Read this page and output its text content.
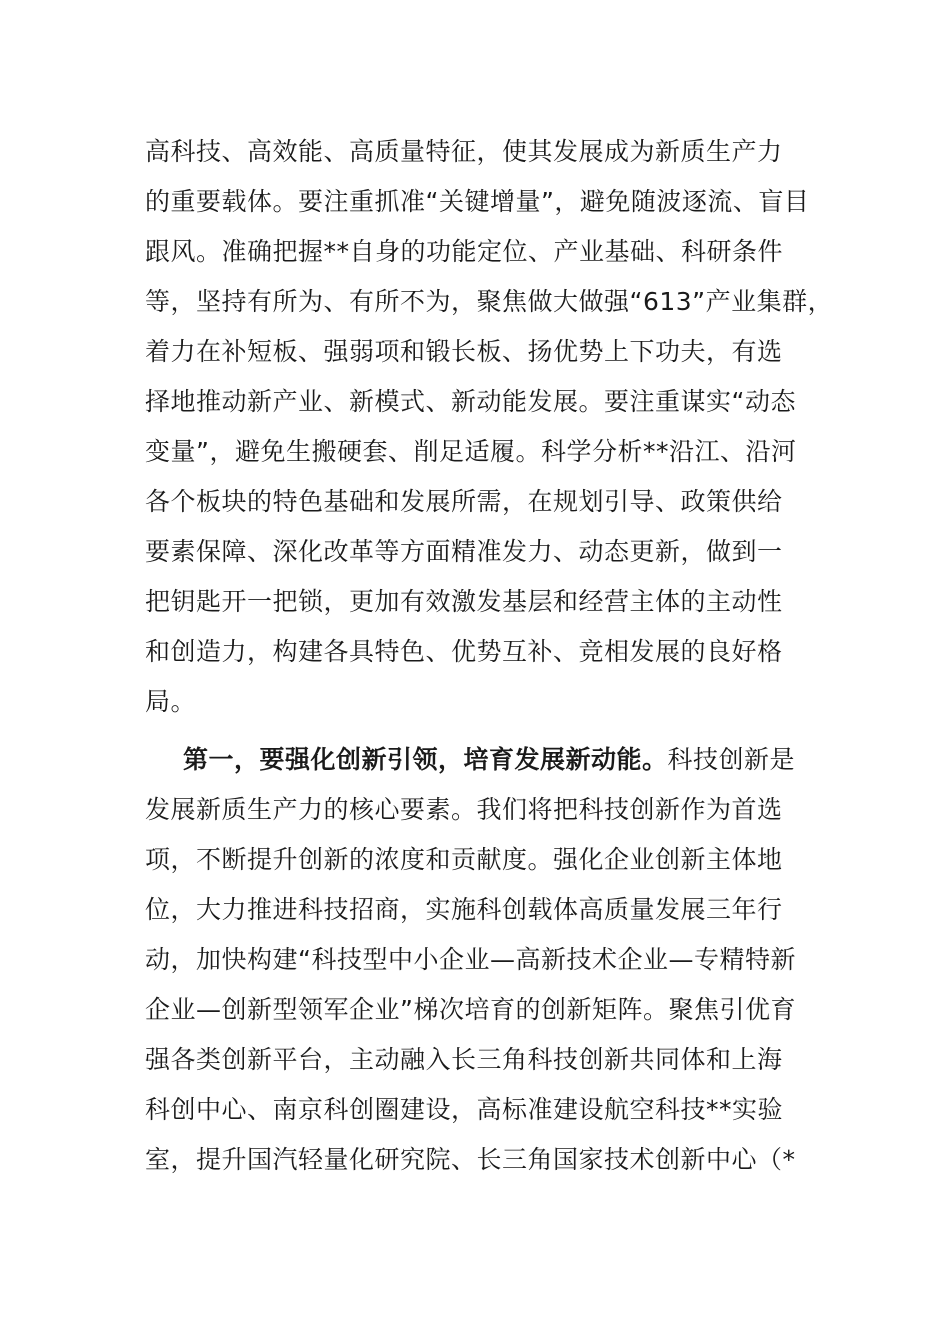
高科技、高效能、高质量特征，使其发展成为新质生产力
的重要载体。要注重抓准“关键增量”，避免随波逐流、盲目
跟风。准确把握**自身的功能定位、产业基础、科研条件
等，坚持有所为、有所不为，聚焦做大做强“613”产业集群，
着力在补短板、强弱项和锻长板、扬优势上下功夫，有选
择地推动新产业、新模式、新动能发展。要注重谋实“动态
变量”，避免生搬硬套、削足适履。科学分析**沿江、沿河
各个板块的特色基础和发展所需，在规划引导、政策供给
要素保障、深化改革等方面精准发力、动态更新，做到一
把钥匙开一把锁，更加有效激发基层和经营主体的主动性
和创造力，构建各具特色、优势互补、竞相发展的良好格
局。
第一，要强化创新引领，培育发展新动能。科技创新是
发展新质生产力的核心要素。我们将把科技创新作为首选
项，不断提升创新的浓度和贡献度。强化企业创新主体地
位，大力推进科技招商，实施科创载体高质量发展三年行
动，加快构建“科技型中小企业—高新技术企业—专精特新
企业—创新型领军企业”梯次培育的创新矩阵。聚焦引优育
强各类创新平台，主动融入长三角科技创新共同体和上海
科创中心、南京科创圈建设，高标准建设航空科技**实验
室，提升国汽轻量化研究院、长三角国家技术创新中心（*
